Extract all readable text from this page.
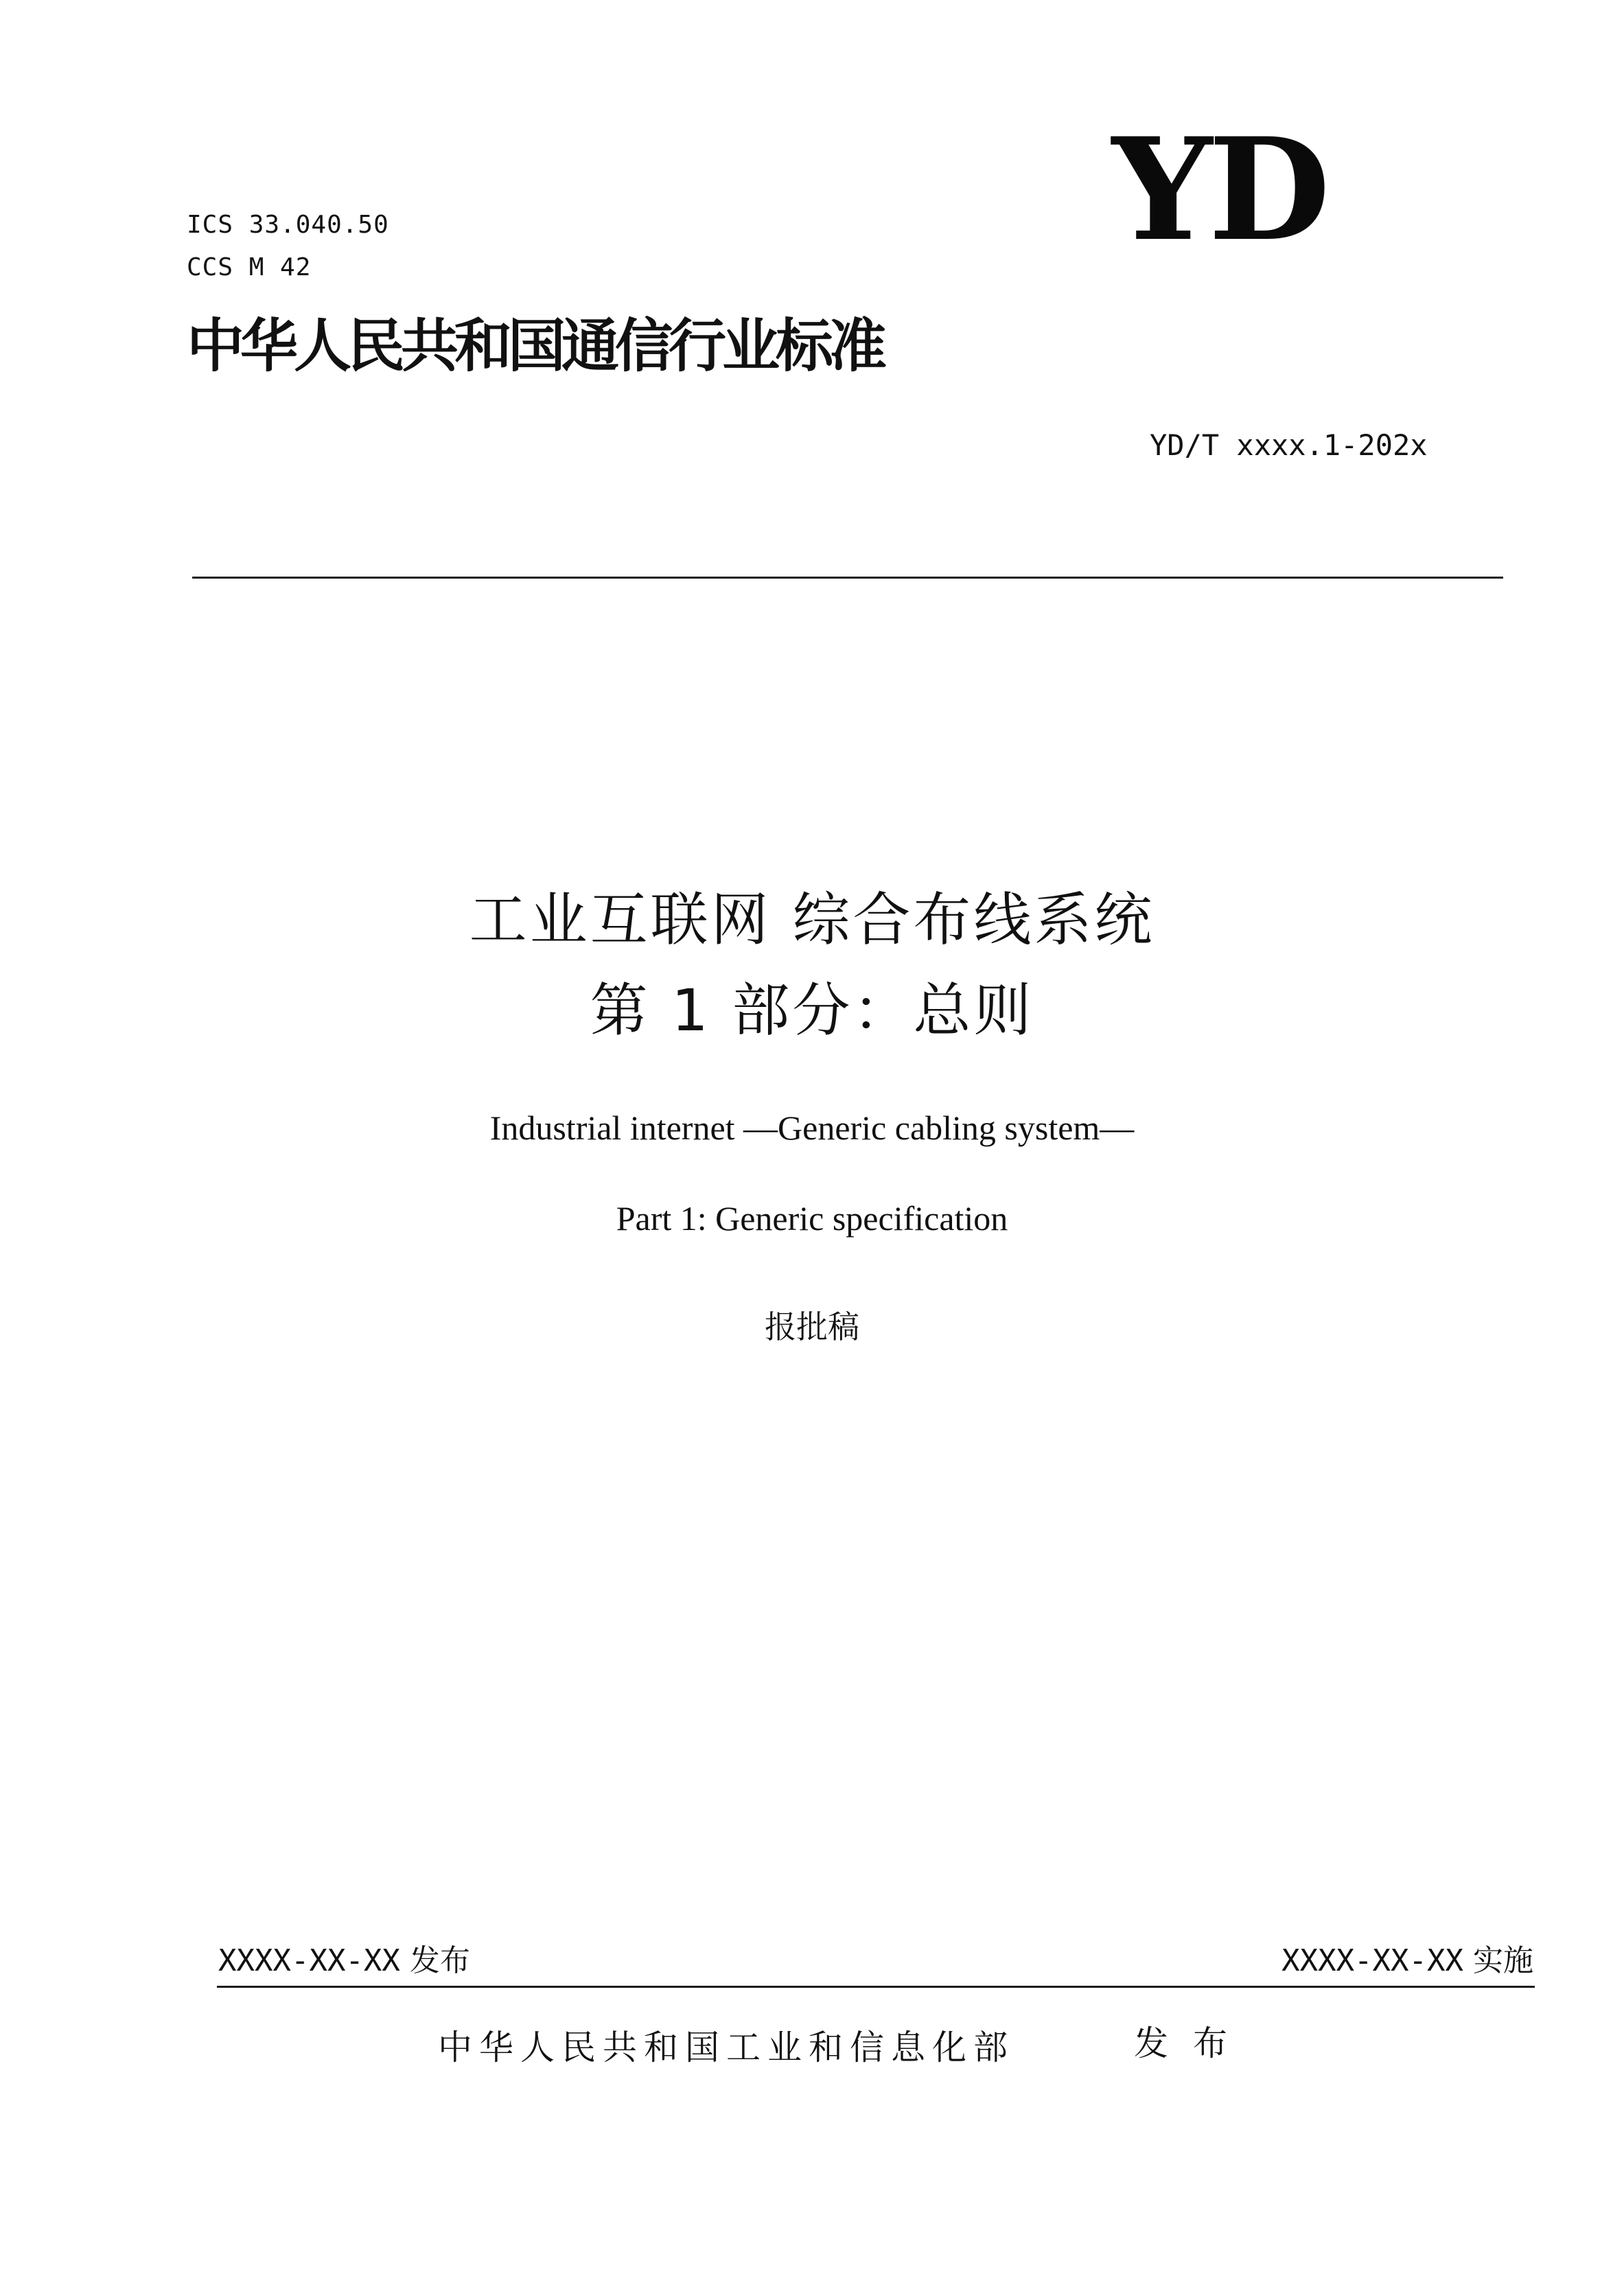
ICS 33.040.50
CCS M 42	YD
中华人民共和国通信行业标准
YD/T xxxx.1-202x
工业互联网 综合布线系统
第 1 部分：总则
Industrial internet —Generic cabling system—
Part 1: Generic specification
报批稿
XXXX-XX-XX 发布	XXXX-XX-XX 实施
中华人民共和国工业和信息化部	发布
